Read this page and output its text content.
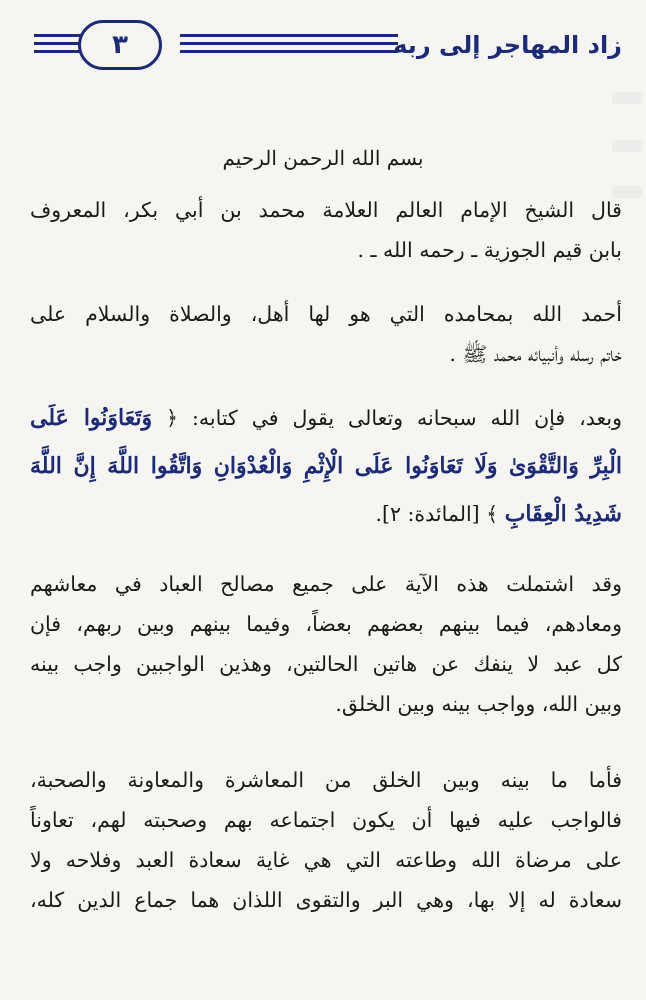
٣	زاد المهاجر إلى ربه
بسم الله الرحمن الرحيم
قال الشيخ الإمام العالم العلامة محمد بن أبي بكر، المعروف
بابن قيم الجوزية ـ رحمه الله ـ .
أحمد الله بمحامده التي هو لها أهل، والصلاة والسلام على
خاتم رسله وأنبيائه محمد ﷺ .
وبعد، فإن الله سبحانه وتعالى يقول في كتابه: ﴿ وَتَعَاوَنُوا عَلَى
الْبِرِّ وَالتَّقْوَىٰ وَلَا تَعَاوَنُوا عَلَى الْإِثْمِ وَالْعُدْوَانِ وَاتَّقُوا اللَّهَ إِنَّ اللَّهَ
شَدِيدُ الْعِقَابِ ﴾ [المائدة: ٢].
وقد اشتملت هذه الآية على جميع مصالح العباد في معاشهم
ومعادهم، فيما بينهم بعضهم بعضاً، وفيما بينهم وبين ربهم، فإن
كل عبد لا ينفك عن هاتين الحالتين، وهذين الواجبين واجب بينه
وبين الله، وواجب بينه وبين الخلق.
فأما ما بينه وبين الخلق من المعاشرة والمعاونة والصحبة،
فالواجب عليه فيها أن يكون اجتماعه بهم وصحبته لهم، تعاوناً
على مرضاة الله وطاعته التي هي غاية سعادة العبد وفلاحه ولا
سعادة له إلا بها، وهي البر والتقوى اللذان هما جماع الدين كله،
